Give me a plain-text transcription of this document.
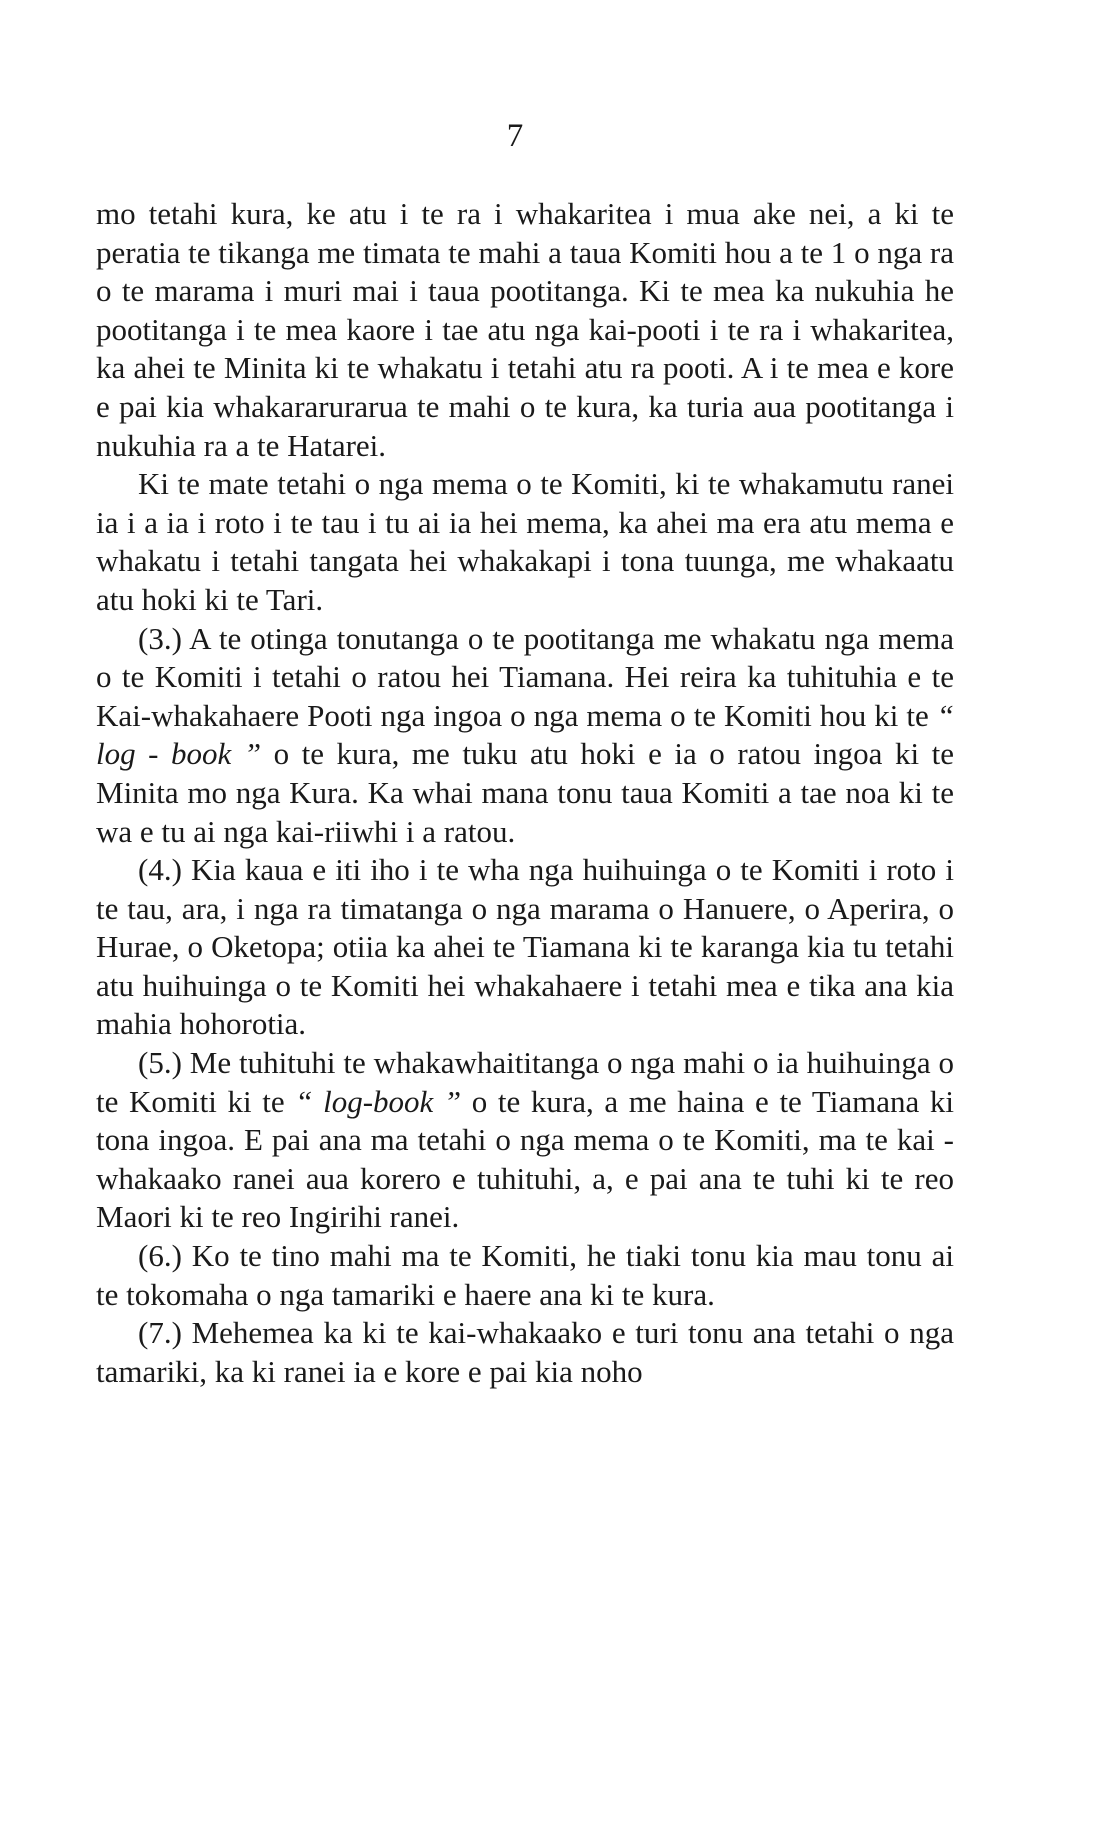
7

mo tetahi kura, ke atu i te ra i whakaritea i mua ake nei, a ki te peratia te tikanga me timata te mahi a taua Komiti hou a te 1 o nga ra o te marama i muri mai i taua pootitanga. Ki te mea ka nukuhia he pootitanga i te mea kaore i tae atu nga kai-pooti i te ra i whakaritea, ka ahei te Minita ki te whakatu i tetahi atu ra pooti. A i te mea e kore e pai kia whakararurarua te mahi o te kura, ka turia aua pootitanga i nukuhia ra a te Hatarei.

Ki te mate tetahi o nga mema o te Komiti, ki te whakamutu ranei ia i a ia i roto i te tau i tu ai ia hei mema, ka ahei ma era atu mema e whakatu i tetahi tangata hei whakakapi i tona tuunga, me whakaatu atu hoki ki te Tari.

(3.) A te otinga tonutanga o te pootitanga me whakatu nga mema o te Komiti i tetahi o ratou hei Tiamana. Hei reira ka tuhituhia e te Kai-whakahaere Pooti nga ingoa o nga mema o te Komiti hou ki te “ log - book ” o te kura, me tuku atu hoki e ia o ratou ingoa ki te Minita mo nga Kura. Ka whai mana tonu taua Komiti a tae noa ki te wa e tu ai nga kai-riiwhi i a ratou.

(4.) Kia kaua e iti iho i te wha nga huihuinga o te Komiti i roto i te tau, ara, i nga ra timatanga o nga marama o Hanuere, o Aperira, o Hurae, o Oketopa; otiia ka ahei te Tiamana ki te karanga kia tu tetahi atu huihuinga o te Komiti hei whakahaere i tetahi mea e tika ana kia mahia hohorotia.

(5.) Me tuhituhi te whakawhaititanga o nga mahi o ia huihuinga o te Komiti ki te “ log-book ” o te kura, a me haina e te Tiamana ki tona ingoa. E pai ana ma tetahi o nga mema o te Komiti, ma te kai - whakaako ranei aua korero e tuhituhi, a, e pai ana te tuhi ki te reo Maori ki te reo Ingirihi ranei.

(6.) Ko te tino mahi ma te Komiti, he tiaki tonu kia mau tonu ai te tokomaha o nga tamariki e haere ana ki te kura.

(7.) Mehemea ka ki te kai-whakaako e turi tonu ana tetahi o nga tamariki, ka ki ranei ia e kore e pai kia noho
